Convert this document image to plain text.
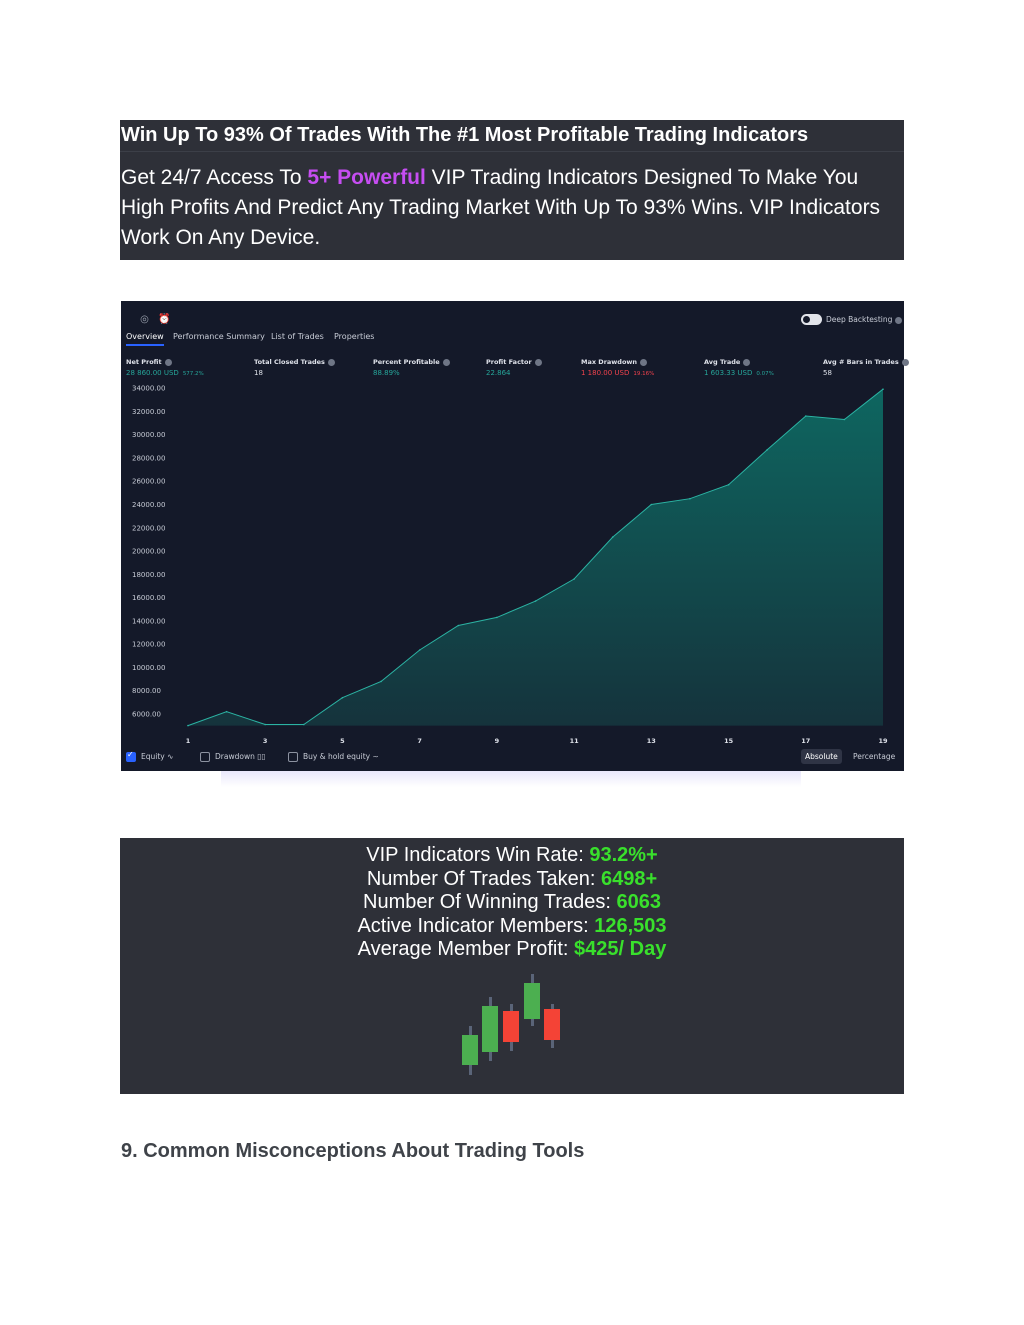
Win Up To 93% Of Trades With The #1 Most Profitable Trading Indicators

Get 24/7 Access To 5+ Powerful VIP Trading Indicators Designed To Make You High Profits And Predict Any Trading Market With Up To 93% Wins. VIP Indicators Work On Any Device.

◎ ⏰
Overview Performance Summary List of Trades Properties
Deep Backtesting
Net Profit
28 860.00 USD 577.2%
Total Closed Trades
18
Percent Profitable
88.89%
Profit Factor
22.864
Max Drawdown
1 180.00 USD 19.16%
Avg Trade
1 603.33 USD 0.07%
Avg # Bars in Trades
58
34000.00
32000.00
30000.00
28000.00
26000.00
24000.00
22000.00
20000.00
18000.00
16000.00
14000.00
12000.00
10000.00
8000.00
6000.00
1	3	5	7	9	11	13	15	17	19
✓Equity ∿	Drawdown ▯▯	Buy & hold equity ∼	Absolute	Percentage
VIP Indicators Win Rate: 93.2%+
Number Of Trades Taken: 6498+
Number Of Winning Trades: 6063
Active Indicator Members: 126,503
Average Member Profit: $425/ Day
9. Common Misconceptions About Trading Tools
